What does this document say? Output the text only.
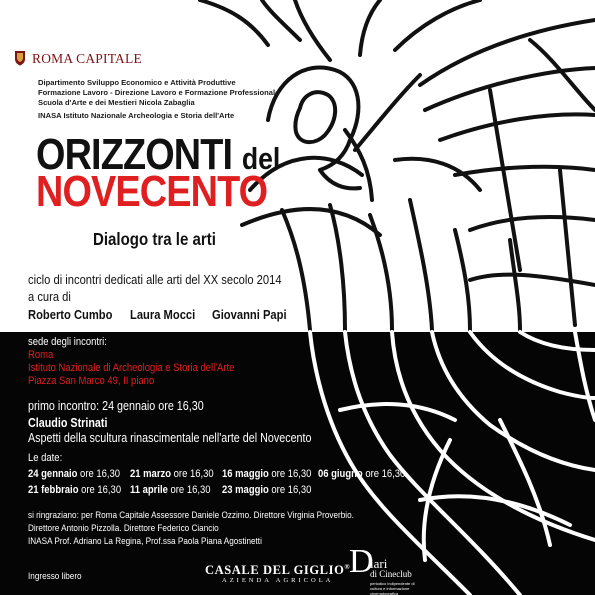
ROMA CAPITALE
Dipartimento Sviluppo Economico e Attività Produttive
Formazione Lavoro - Direzione Lavoro e Formazione Professionale
Scuola d'Arte e dei Mestieri Nicola Zabaglia
INASA Istituto Nazionale Archeologia e Storia dell'Arte
ORIZZONTI del
NOVECENTO
Dialogo tra le arti
ciclo di incontri dedicati alle arti del XX secolo 2014
a cura di
Roberto Cumbo Laura Mocci Giovanni Papi
sede degli incontri:
Roma
Istituto Nazionale di Archeologia e Storia dell'Arte
Piazza San Marco 49, II piano
primo incontro: 24 gennaio ore 16,30
Claudio Strinati
Aspetti della scultura rinascimentale nell'arte del Novecento
Le date:
24 gennaio ore 16,30 21 marzo ore 16,30 16 maggio ore 16,30 06 giugno ore 16,30
21 febbraio ore 16,30 11 aprile ore 16,30 23 maggio ore 16,30
si ringraziano: per Roma Capitale Assessore Daniele Ozzimo. Direttore Virginia Proverbio.
Direttore Antonio Pizzolla. Direttore Federico Ciancio
INASA Prof. Adriano La Regina, Prof.ssa Paola Piana Agostinetti
Ingresso libero	CASALE DEL GIGLIO®
AZIENDA AGRICOLA
D
iari
di Cineclub
periodico indipendente di cultura e informazione cinematografica
